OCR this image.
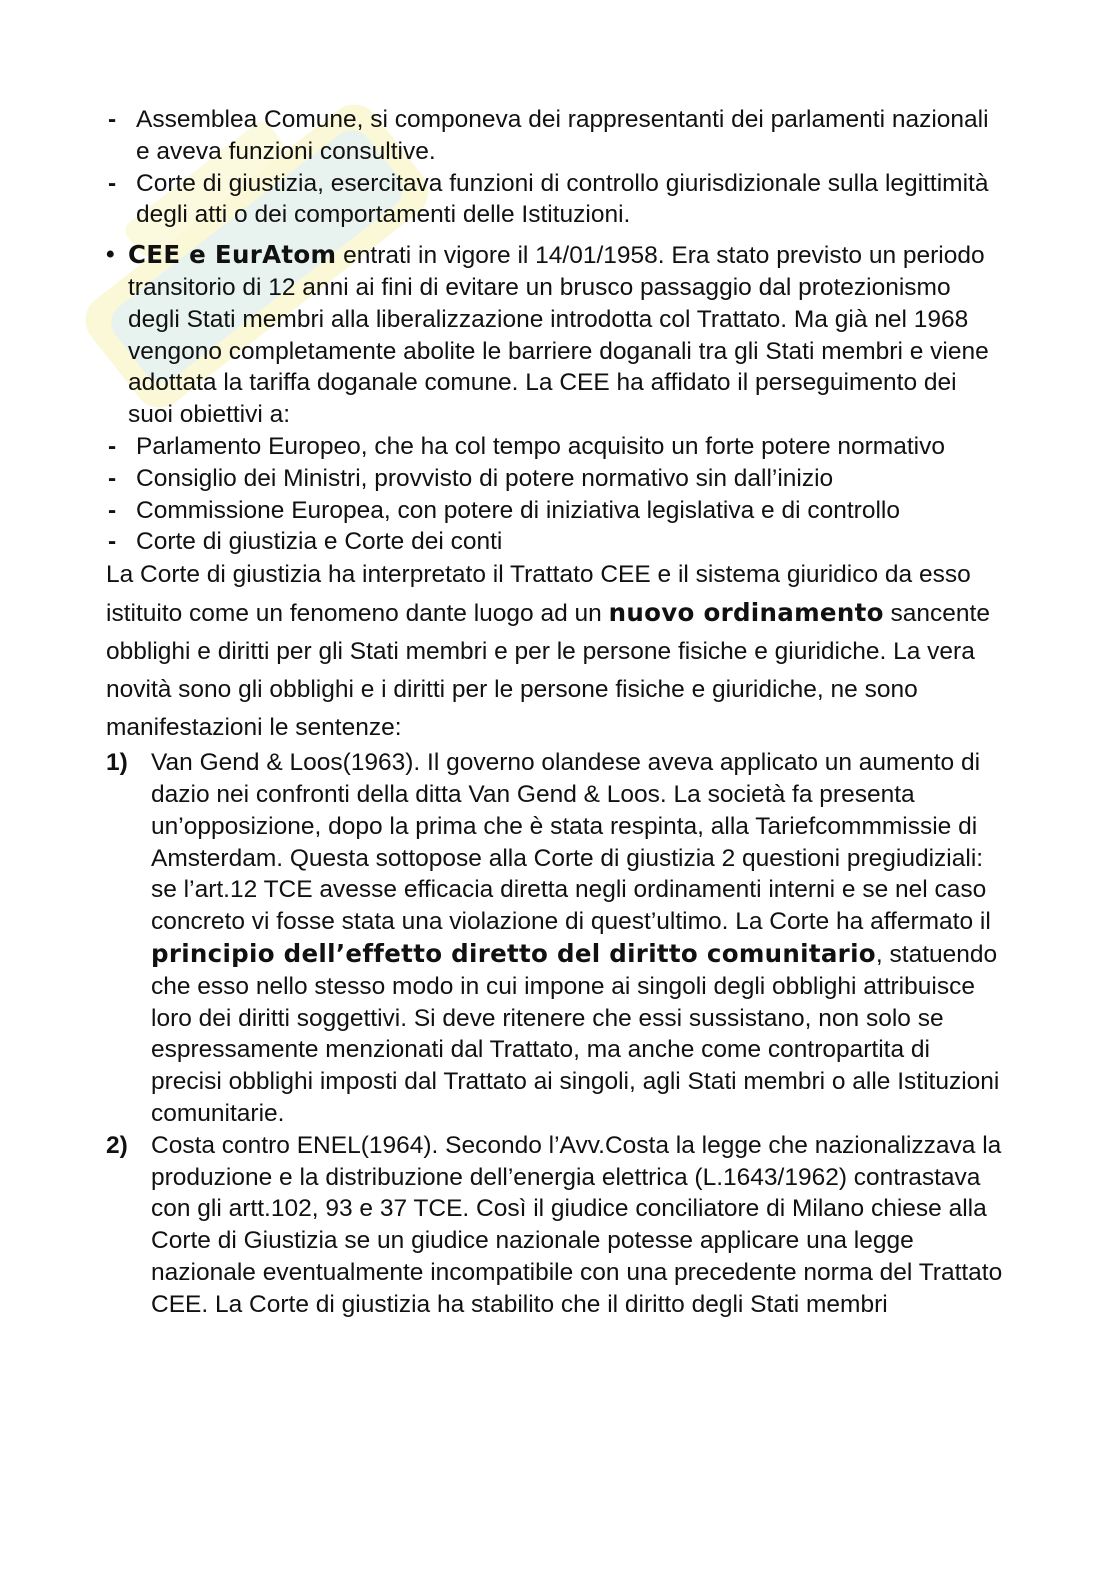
- Assemblea Comune, si componeva dei rappresentanti dei parlamenti nazionali e aveva funzioni consultive.

- Corte di giustizia, esercitava funzioni di controllo giurisdizionale sulla legittimità degli atti o dei comportamenti delle Istituzioni.

• CEE e EurAtom entrati in vigore il 14/01/1958. Era stato previsto un periodo transitorio di 12 anni ai fini di evitare un brusco passaggio dal protezionismo degli Stati membri alla liberalizzazione introdotta col Trattato. Ma già nel 1968 vengono completamente abolite le barriere doganali tra gli Stati membri e viene adottata la tariffa doganale comune. La CEE ha affidato il perseguimento dei suoi obiettivi a:

- Parlamento Europeo, che ha col tempo acquisito un forte potere normativo

- Consiglio dei Ministri, provvisto di potere normativo sin dall’inizio

- Commissione Europea, con potere di iniziativa legislativa e di controllo

- Corte di giustizia e Corte dei conti

La Corte di giustizia ha interpretato il Trattato CEE e il sistema giuridico da esso istituito come un fenomeno dante luogo ad un nuovo ordinamento sancente obblighi e diritti per gli Stati membri e per le persone fisiche e giuridiche. La vera novità sono gli obblighi e i diritti per le persone fisiche e giuridiche, ne sono manifestazioni le sentenze:

1) Van Gend & Loos(1963). Il governo olandese aveva applicato un aumento di dazio nei confronti della ditta Van Gend & Loos. La società fa presenta un’opposizione, dopo la prima che è stata respinta, alla Tariefcommmissie di Amsterdam. Questa sottopose alla Corte di giustizia 2 questioni pregiudiziali: se l’art.12 TCE avesse efficacia diretta negli ordinamenti interni e se nel caso concreto vi fosse stata una violazione di quest’ultimo. La Corte ha affermato il principio dell’effetto diretto del diritto comunitario, statuendo che esso nello stesso modo in cui impone ai singoli degli obblighi attribuisce loro dei diritti soggettivi. Si deve ritenere che essi sussistano, non solo se espressamente menzionati dal Trattato, ma anche come contropartita di precisi obblighi imposti dal Trattato ai singoli, agli Stati membri o alle Istituzioni comunitarie.

2) Costa contro ENEL(1964). Secondo l’Avv.Costa la legge che nazionalizzava la produzione e la distribuzione dell’energia elettrica (L.1643/1962) contrastava con gli artt.102, 93 e 37 TCE. Così il giudice conciliatore di Milano chiese alla Corte di Giustizia se un giudice nazionale potesse applicare una legge nazionale eventualmente incompatibile con una precedente norma del Trattato CEE. La Corte di giustizia ha stabilito che il diritto degli Stati membri
